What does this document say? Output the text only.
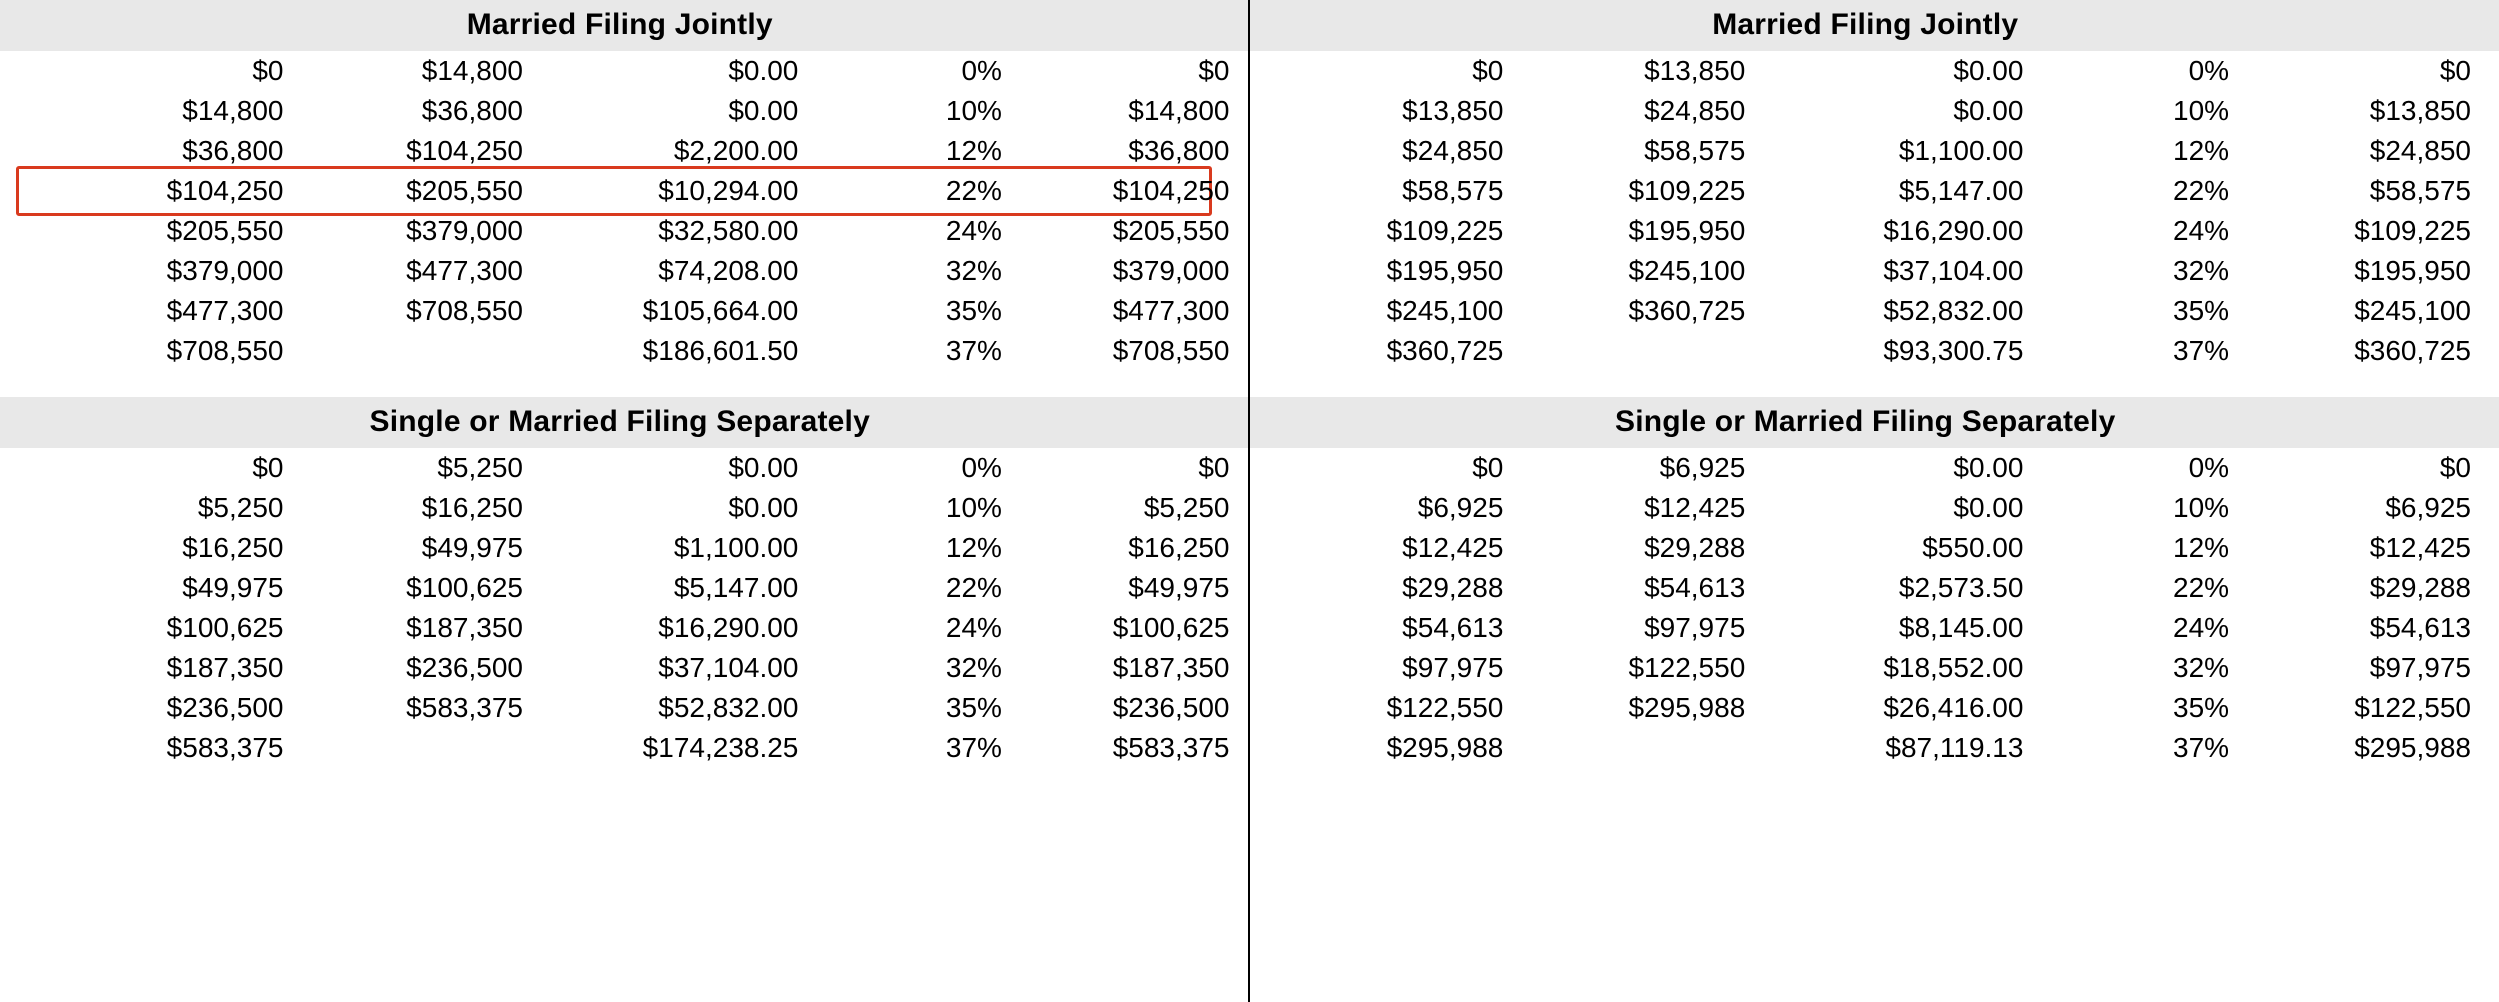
Married Filing Jointly
$0	$14,800	$0.00	0%	$0
$14,800	$36,800	$0.00	10%	$14,800
$36,800	$104,250	$2,200.00	12%	$36,800
$104,250	$205,550	$10,294.00	22%	$104,250
$205,550	$379,000	$32,580.00	24%	$205,550
$379,000	$477,300	$74,208.00	32%	$379,000
$477,300	$708,550	$105,664.00	35%	$477,300
$708,550		$186,601.50	37%	$708,550
Single or Married Filing Separately
$0	$5,250	$0.00	0%	$0
$5,250	$16,250	$0.00	10%	$5,250
$16,250	$49,975	$1,100.00	12%	$16,250
$49,975	$100,625	$5,147.00	22%	$49,975
$100,625	$187,350	$16,290.00	24%	$100,625
$187,350	$236,500	$37,104.00	32%	$187,350
$236,500	$583,375	$52,832.00	35%	$236,500
$583,375		$174,238.25	37%	$583,375
Married Filing Jointly
$0	$13,850	$0.00	0%	$0
$13,850	$24,850	$0.00	10%	$13,850
$24,850	$58,575	$1,100.00	12%	$24,850
$58,575	$109,225	$5,147.00	22%	$58,575
$109,225	$195,950	$16,290.00	24%	$109,225
$195,950	$245,100	$37,104.00	32%	$195,950
$245,100	$360,725	$52,832.00	35%	$245,100
$360,725		$93,300.75	37%	$360,725
Single or Married Filing Separately
$0	$6,925	$0.00	0%	$0
$6,925	$12,425	$0.00	10%	$6,925
$12,425	$29,288	$550.00	12%	$12,425
$29,288	$54,613	$2,573.50	22%	$29,288
$54,613	$97,975	$8,145.00	24%	$54,613
$97,975	$122,550	$18,552.00	32%	$97,975
$122,550	$295,988	$26,416.00	35%	$122,550
$295,988		$87,119.13	37%	$295,988
